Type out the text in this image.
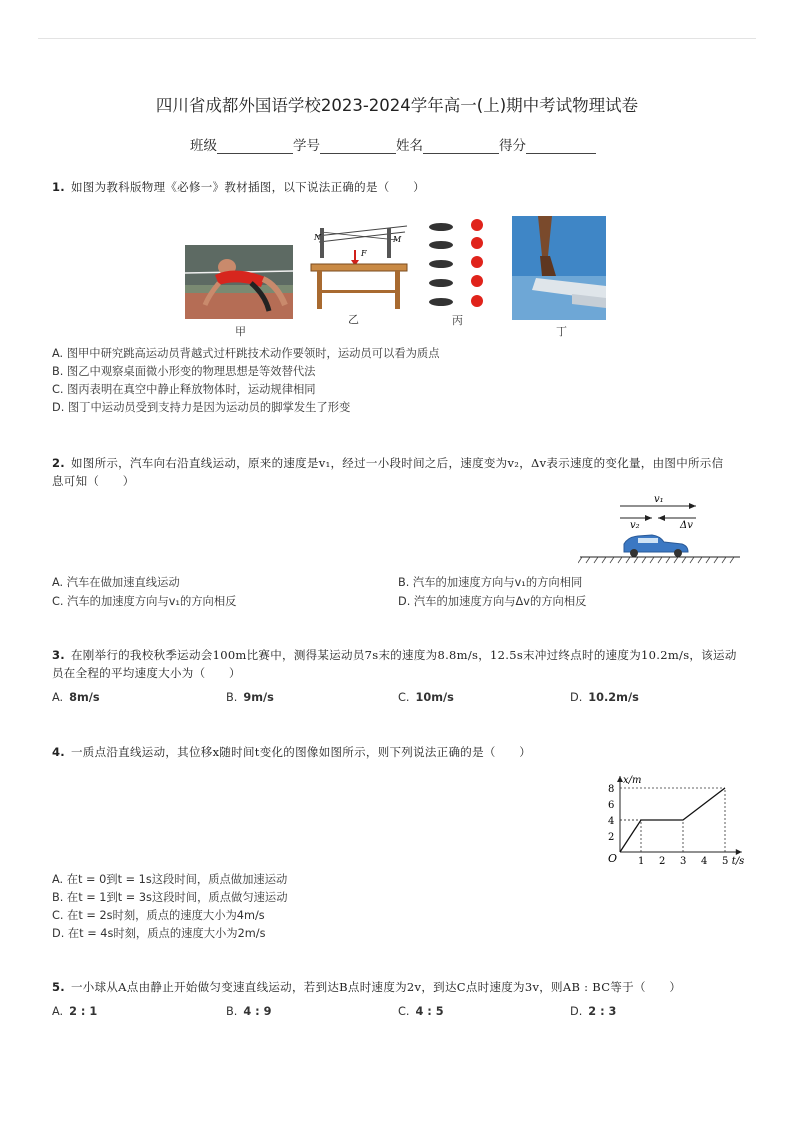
四川省成都外国语学校2023-2024学年高一(上)期中考试物理试卷
班级	学号	姓名	得分
1. 如图为教科版物理《必修一》教材插图，以下说法正确的是（　　）
甲
N	M
F
乙	丙
丁
A. 图甲中研究跳高运动员背越式过杆跳技术动作要领时，运动员可以看为质点
B. 图乙中观察桌面微小形变的物理思想是等效替代法
C. 图丙表明在真空中静止释放物体时，运动规律相同
D. 图丁中运动员受到支持力是因为运动员的脚掌发生了形变
2. 如图所示，汽车向右沿直线运动，原来的速度是v₁，经过一小段时间之后，速度变为v₂，Δv表示速度的变化量，由图中所示信
息可知（　　）
v₁
v₂	Δv
A. 汽车在做加速直线运动	B. 汽车的加速度方向与v₁的方向相同
C. 汽车的加速度方向与v₁的方向相反	D. 汽车的加速度方向与Δv的方向相反
3. 在刚举行的我校秋季运动会100m比赛中，测得某运动员7s末的速度为8.8m/s，12.5s末冲过终点时的速度为10.2m/s，该运动
员在全程的平均速度大小为（　　）
A. 8m/s	B. 9m/s	C. 10m/s	D. 10.2m/s
4. 一质点沿直线运动，其位移x随时间t变化的图像如图所示，则下列说法正确的是（　　）
x/m
t/s
O 1 2 3 4 5
2
4
6
8
A. 在t = 0到t = 1s这段时间，质点做加速运动
B. 在t = 1到t = 3s这段时间，质点做匀速运动
C. 在t = 2s时刻，质点的速度大小为4m/s
D. 在t = 4s时刻，质点的速度大小为2m/s
5. 一小球从A点由静止开始做匀变速直线运动，若到达B点时速度为2v，到达C点时速度为3v，则AB : BC等于（　　）
A. 2 : 1	B. 4 : 9	C. 4 : 5	D. 2 : 3
